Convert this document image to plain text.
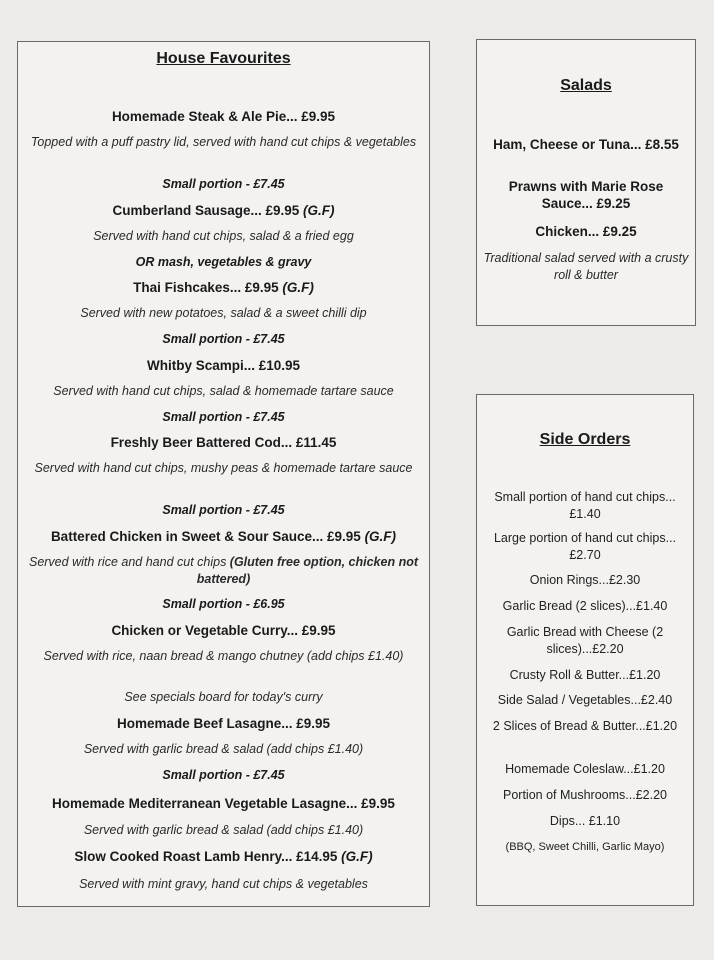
House Favourites
Homemade Steak & Ale Pie... £9.95
Topped with a puff pastry lid, served with hand cut chips & vegetables
Small portion - £7.45
Cumberland Sausage... £9.95 (G.F)
Served with hand cut chips, salad & a fried egg
OR mash, vegetables & gravy
Thai Fishcakes... £9.95 (G.F)
Served with new potatoes, salad & a sweet chilli dip
Small portion - £7.45
Whitby Scampi... £10.95
Served with hand cut chips, salad & homemade tartare sauce
Small portion - £7.45
Freshly Beer Battered Cod... £11.45
Served with hand cut chips, mushy peas & homemade tartare sauce
Small portion - £7.45
Battered Chicken in Sweet & Sour Sauce... £9.95 (G.F)
Served with rice and hand cut chips (Gluten free option, chicken not battered)
Small portion - £6.95
Chicken or Vegetable Curry... £9.95
Served with rice, naan bread & mango chutney (add chips £1.40)
See specials board for today's curry
Homemade Beef Lasagne... £9.95
Served with garlic bread & salad (add chips £1.40)
Small portion - £7.45
Homemade Mediterranean Vegetable Lasagne... £9.95
Served with garlic bread & salad (add chips £1.40)
Slow Cooked Roast Lamb Henry... £14.95 (G.F)
Served with mint gravy, hand cut chips & vegetables
Salads
Ham, Cheese or Tuna... £8.55
Prawns with Marie Rose Sauce... £9.25
Chicken... £9.25
Traditional salad served with a crusty roll & butter
Side Orders
Small portion of hand cut chips...£1.40
Large portion of hand cut chips...£2.70
Onion Rings...£2.30
Garlic Bread (2 slices)...£1.40
Garlic Bread with Cheese (2 slices)...£2.20
Crusty Roll & Butter...£1.20
Side Salad / Vegetables...£2.40
2 Slices of Bread & Butter...£1.20
Homemade Coleslaw...£1.20
Portion of Mushrooms...£2.20
Dips... £1.10
(BBQ, Sweet Chilli, Garlic Mayo)
